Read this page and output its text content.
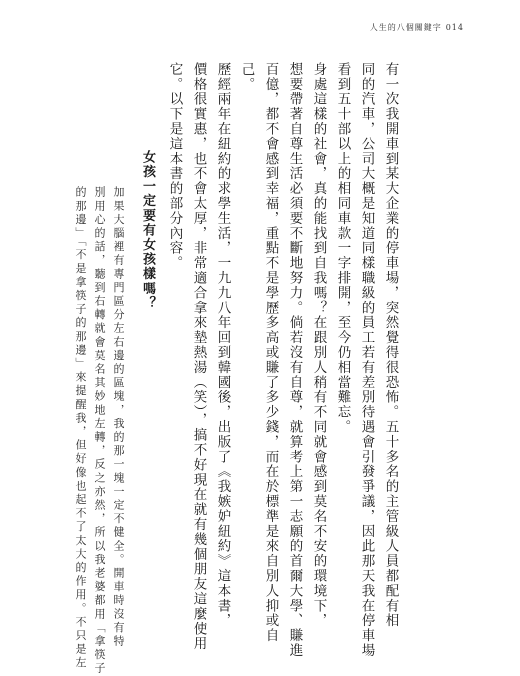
人生的八個關鍵字 014
有一次我開車到某大企業的停車場，突然覺得很恐怖。五十多名的主管級人員都配有相
同的汽車，公司大概是知道同樣職級的員工若有差別待遇會引發爭議，因此那天我在停車場
看到五十部以上的相同車款一字排開，至今仍相當難忘。
身處這樣的社會，真的能找到自我嗎？在跟別人稍有不同就會感到莫名不安的環境下，
想要帶著自尊生活必須要不斷地努力。倘若沒有自尊，就算考上第一志願的首爾大學、賺進
百億，都不會感到幸福，重點不是學歷多高或賺了多少錢，而在於標準是來自別人抑或自
己。
歷經兩年在紐約的求學生活，一九九八年回到韓國後，出版了《我嫉妒紐約》這本書，
價格很實惠，也不會太厚，非常適合拿來墊熱湯（笑），搞不好現在就有幾個朋友這麼使用
它。以下是這本書的部分內容。
女孩一定要有女孩樣嗎？
加果大腦裡有專門區分左右邊的區塊，我的那一塊一定不健全。開車時沒有特
別用心的話，聽到右轉就會莫名其妙地左轉，反之亦然，所以我老婆都用「拿筷子
的那邊」「不是拿筷子的那邊」來提醒我，但好像也起不了太大的作用。不只是左
